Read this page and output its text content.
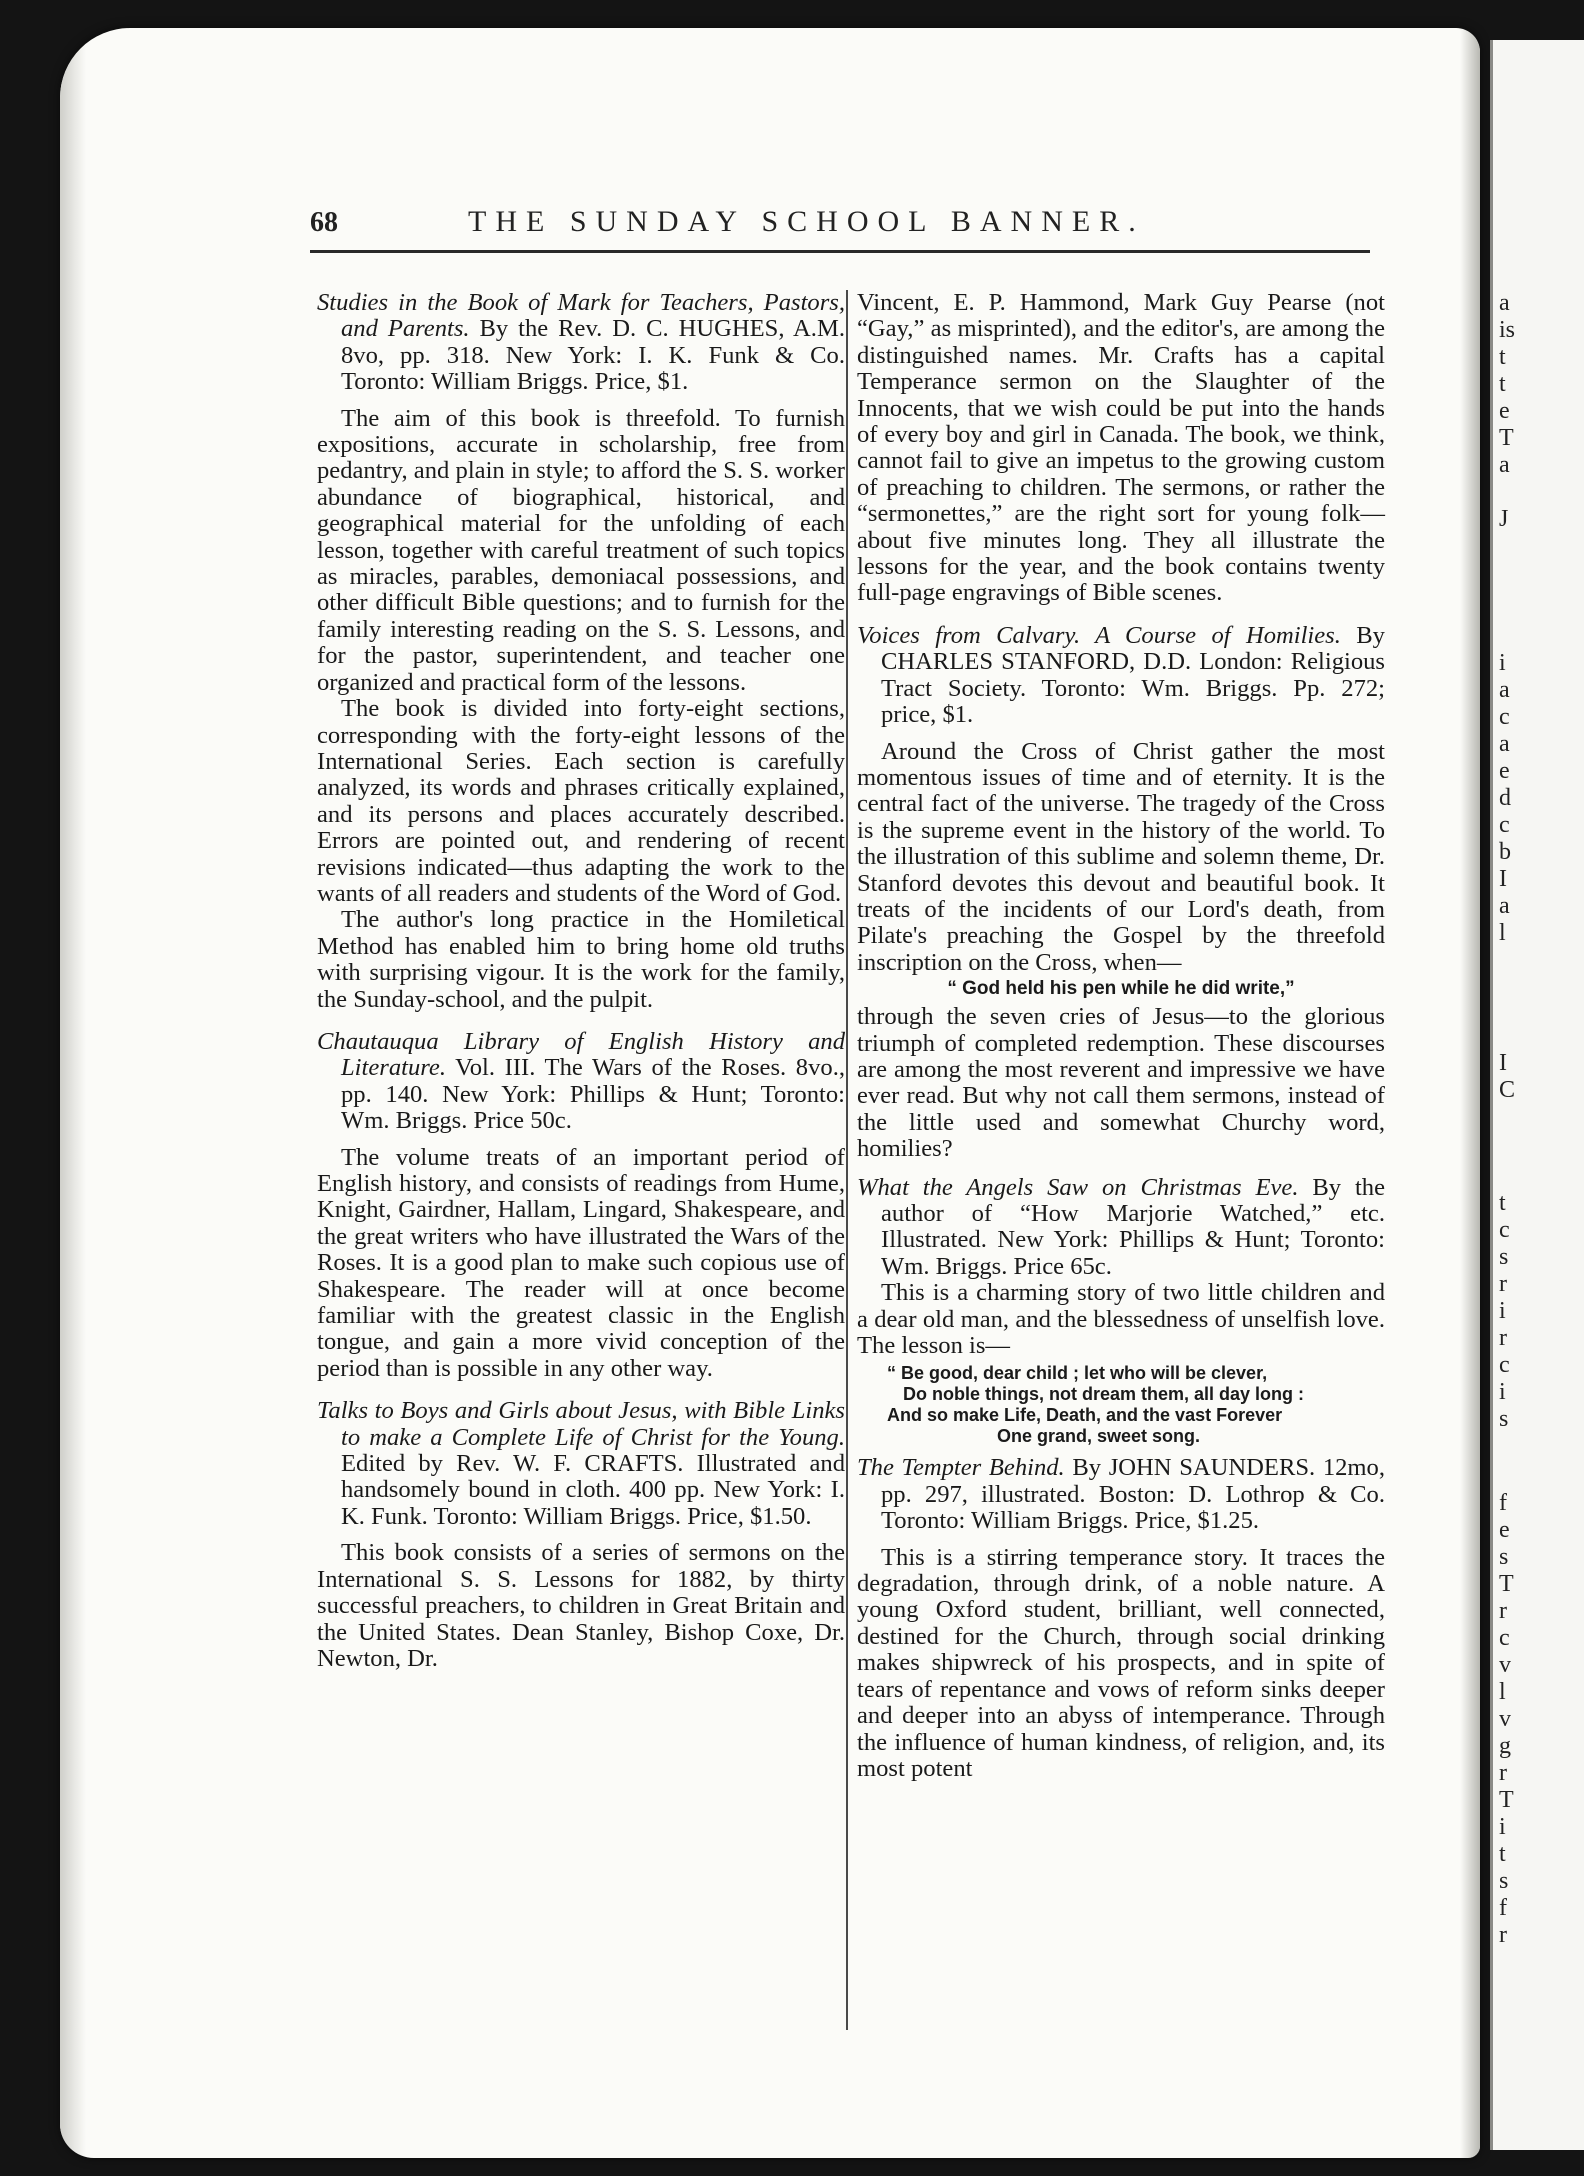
a
is
t
t
e
T
a

J
i
a
c
a
e
d
c
b
I
a
l
I
C
t
c
s
r
i
r
c
i
s
f
e
s
T
r
c
v
l
v
g
r
T
i
t
s
f
r
68	THE SUNDAY SCHOOL BANNER.

Studies in the Book of Mark for Teachers, Pastors, and Parents. By the Rev. D. C. HUGHES, A.M. 8vo, pp. 318. New York: I. K. Funk & Co. Toronto: William Briggs. Price, $1.

The aim of this book is threefold. To furnish expositions, accurate in scholarship, free from pedantry, and plain in style; to afford the S. S. worker abundance of biographical, historical, and geographical material for the unfolding of each lesson, together with careful treatment of such topics as miracles, parables, demoniacal possessions, and other difficult Bible questions; and to furnish for the family interesting reading on the S. S. Lessons, and for the pastor, superintendent, and teacher one organized and practical form of the lessons.

The book is divided into forty-eight sections, corresponding with the forty-eight lessons of the International Series. Each section is carefully analyzed, its words and phrases critically explained, and its persons and places accurately described. Errors are pointed out, and rendering of recent revisions indicated—thus adapting the work to the wants of all readers and students of the Word of God.

The author's long practice in the Homiletical Method has enabled him to bring home old truths with surprising vigour. It is the work for the family, the Sunday-school, and the pulpit.

Chautauqua Library of English History and Literature. Vol. III. The Wars of the Roses. 8vo., pp. 140. New York: Phillips & Hunt; Toronto: Wm. Briggs. Price 50c.

The volume treats of an important period of English history, and consists of readings from Hume, Knight, Gairdner, Hallam, Lingard, Shakespeare, and the great writers who have illustrated the Wars of the Roses. It is a good plan to make such copious use of Shakespeare. The reader will at once become familiar with the greatest classic in the English tongue, and gain a more vivid conception of the period than is possible in any other way.

Talks to Boys and Girls about Jesus, with Bible Links to make a Complete Life of Christ for the Young. Edited by Rev. W. F. CRAFTS. Illustrated and handsomely bound in cloth. 400 pp. New York: I. K. Funk. Toronto: William Briggs. Price, $1.50.

This book consists of a series of sermons on the International S. S. Lessons for 1882, by thirty successful preachers, to children in Great Britain and the United States. Dean Stanley, Bishop Coxe, Dr. Newton, Dr.

Vincent, E. P. Hammond, Mark Guy Pearse (not “Gay,” as misprinted), and the editor's, are among the distinguished names. Mr. Crafts has a capital Temperance sermon on the Slaughter of the Innocents, that we wish could be put into the hands of every boy and girl in Canada. The book, we think, cannot fail to give an impetus to the growing custom of preaching to children. The sermons, or rather the “sermonettes,” are the right sort for young folk—about five minutes long. They all illustrate the lessons for the year, and the book contains twenty full-page engravings of Bible scenes.

Voices from Calvary. A Course of Homilies. By CHARLES STANFORD, D.D. London: Religious Tract Society. Toronto: Wm. Briggs. Pp. 272; price, $1.

Around the Cross of Christ gather the most momentous issues of time and of eternity. It is the central fact of the universe. The tragedy of the Cross is the supreme event in the history of the world. To the illustration of this sublime and solemn theme, Dr. Stanford devotes this devout and beautiful book. It treats of the incidents of our Lord's death, from Pilate's preaching the Gospel by the threefold inscription on the Cross, when—

“ God held his pen while he did write,”

through the seven cries of Jesus—to the glorious triumph of completed redemption. These discourses are among the most reverent and impressive we have ever read. But why not call them sermons, instead of the little used and somewhat Churchy word, homilies?

What the Angels Saw on Christmas Eve. By the author of “How Marjorie Watched,” etc. Illustrated. New York: Phillips & Hunt; Toronto: Wm. Briggs. Price 65c.

This is a charming story of two little children and a dear old man, and the blessedness of unselfish love. The lesson is—

“ Be good, dear child ; let who will be clever,
Do noble things, not dream them, all day long :
And so make Life, Death, and the vast Forever
One grand, sweet song.

The Tempter Behind. By JOHN SAUNDERS. 12mo, pp. 297, illustrated. Boston: D. Lothrop & Co. Toronto: William Briggs. Price, $1.25.

This is a stirring temperance story. It traces the degradation, through drink, of a noble nature. A young Oxford student, brilliant, well connected, destined for the Church, through social drinking makes shipwreck of his prospects, and in spite of tears of repentance and vows of reform sinks deeper and deeper into an abyss of intemperance. Through the influence of human kindness, of religion, and, its most potent
